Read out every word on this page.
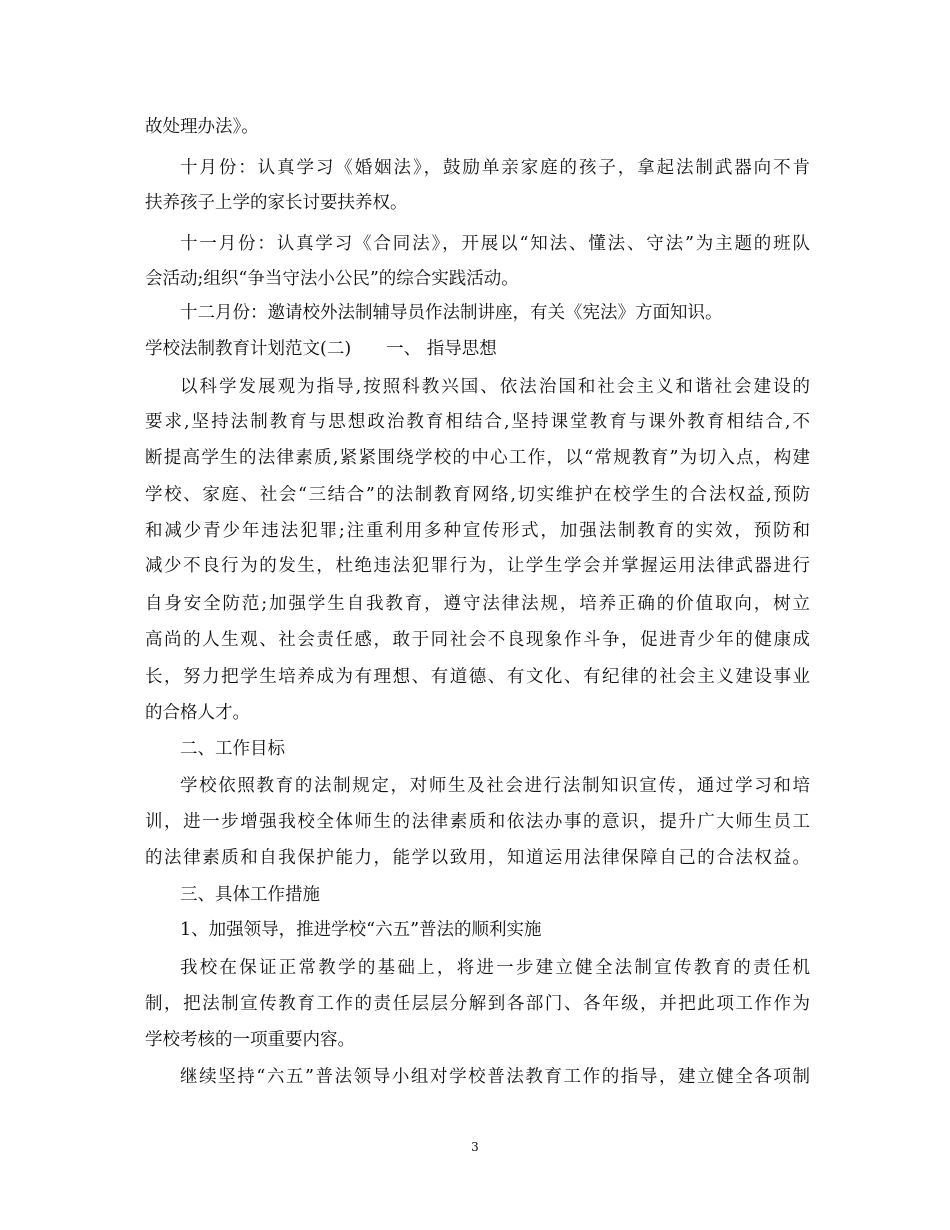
故处理办法》。
十月份：认真学习《婚姻法》，鼓励单亲家庭的孩子，拿起法制武器向不肯
扶养孩子上学的家长讨要扶养权。
十一月份：认真学习《合同法》，开展以“知法、懂法、守法”为主题的班队
会活动;组织“争当守法小公民”的综合实践活动。
十二月份：邀请校外法制辅导员作法制讲座，有关《宪法》方面知识。
学校法制教育计划范文(二)　　一、 指导思想
以科学发展观为指导,按照科教兴国、依法治国和社会主义和谐社会建设的
要求,坚持法制教育与思想政治教育相结合,坚持课堂教育与课外教育相结合,不
断提高学生的法律素质,紧紧围绕学校的中心工作，以“常规教育”为切入点，构建
学校、家庭、社会“三结合”的法制教育网络,切实维护在校学生的合法权益,预防
和减少青少年违法犯罪;注重利用多种宣传形式，加强法制教育的实效，预防和
减少不良行为的发生，杜绝违法犯罪行为，让学生学会并掌握运用法律武器进行
自身安全防范;加强学生自我教育，遵守法律法规，培养正确的价值取向，树立
高尚的人生观、社会责任感，敢于同社会不良现象作斗争，促进青少年的健康成
长，努力把学生培养成为有理想、有道德、有文化、有纪律的社会主义建设事业
的合格人才。
二、工作目标
学校依照教育的法制规定，对师生及社会进行法制知识宣传，通过学习和培
训，进一步增强我校全体师生的法律素质和依法办事的意识，提升广大师生员工
的法律素质和自我保护能力，能学以致用，知道运用法律保障自己的合法权益。
三、具体工作措施
1、加强领导，推进学校“六五”普法的顺利实施
我校在保证正常教学的基础上，将进一步建立健全法制宣传教育的责任机
制，把法制宣传教育工作的责任层层分解到各部门、各年级，并把此项工作作为
学校考核的一项重要内容。
继续坚持“六五”普法领导小组对学校普法教育工作的指导，建立健全各项制
3
